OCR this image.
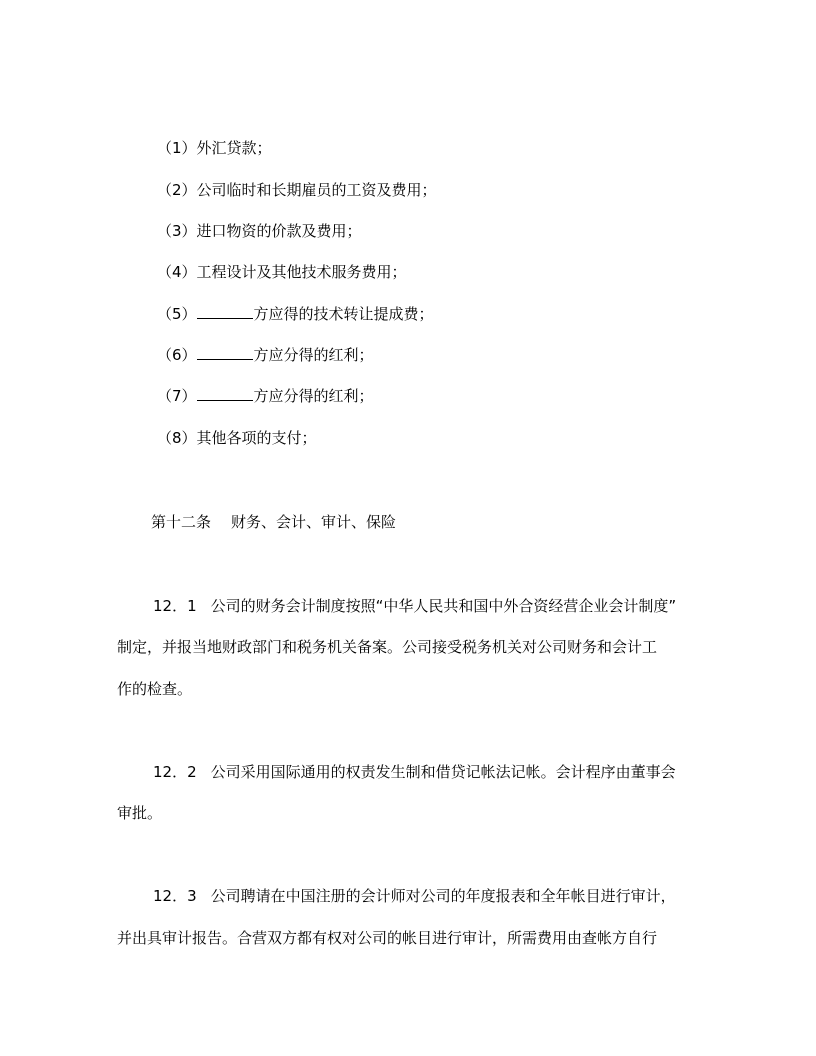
（1）外汇贷款；
（2）公司临时和长期雇员的工资及费用；
（3）进口物资的价款及费用；
（4）工程设计及其他技术服务费用；
（5）	方应得的技术转让提成费；
（6）	方应分得的红利；
（7）	方应分得的红利；
（8）其他各项的支付；
第十二条 财务、会计、审计、保险
12．1 公司的财务会计制度按照“中华人民共和国中外合资经营企业会计制度”
制定，并报当地财政部门和税务机关备案。公司接受税务机关对公司财务和会计工
作的检查。
12．2 公司采用国际通用的权责发生制和借贷记帐法记帐。会计程序由董事会
审批。
12．3 公司聘请在中国注册的会计师对公司的年度报表和全年帐目进行审计，
并出具审计报告。合营双方都有权对公司的帐目进行审计，所需费用由查帐方自行
